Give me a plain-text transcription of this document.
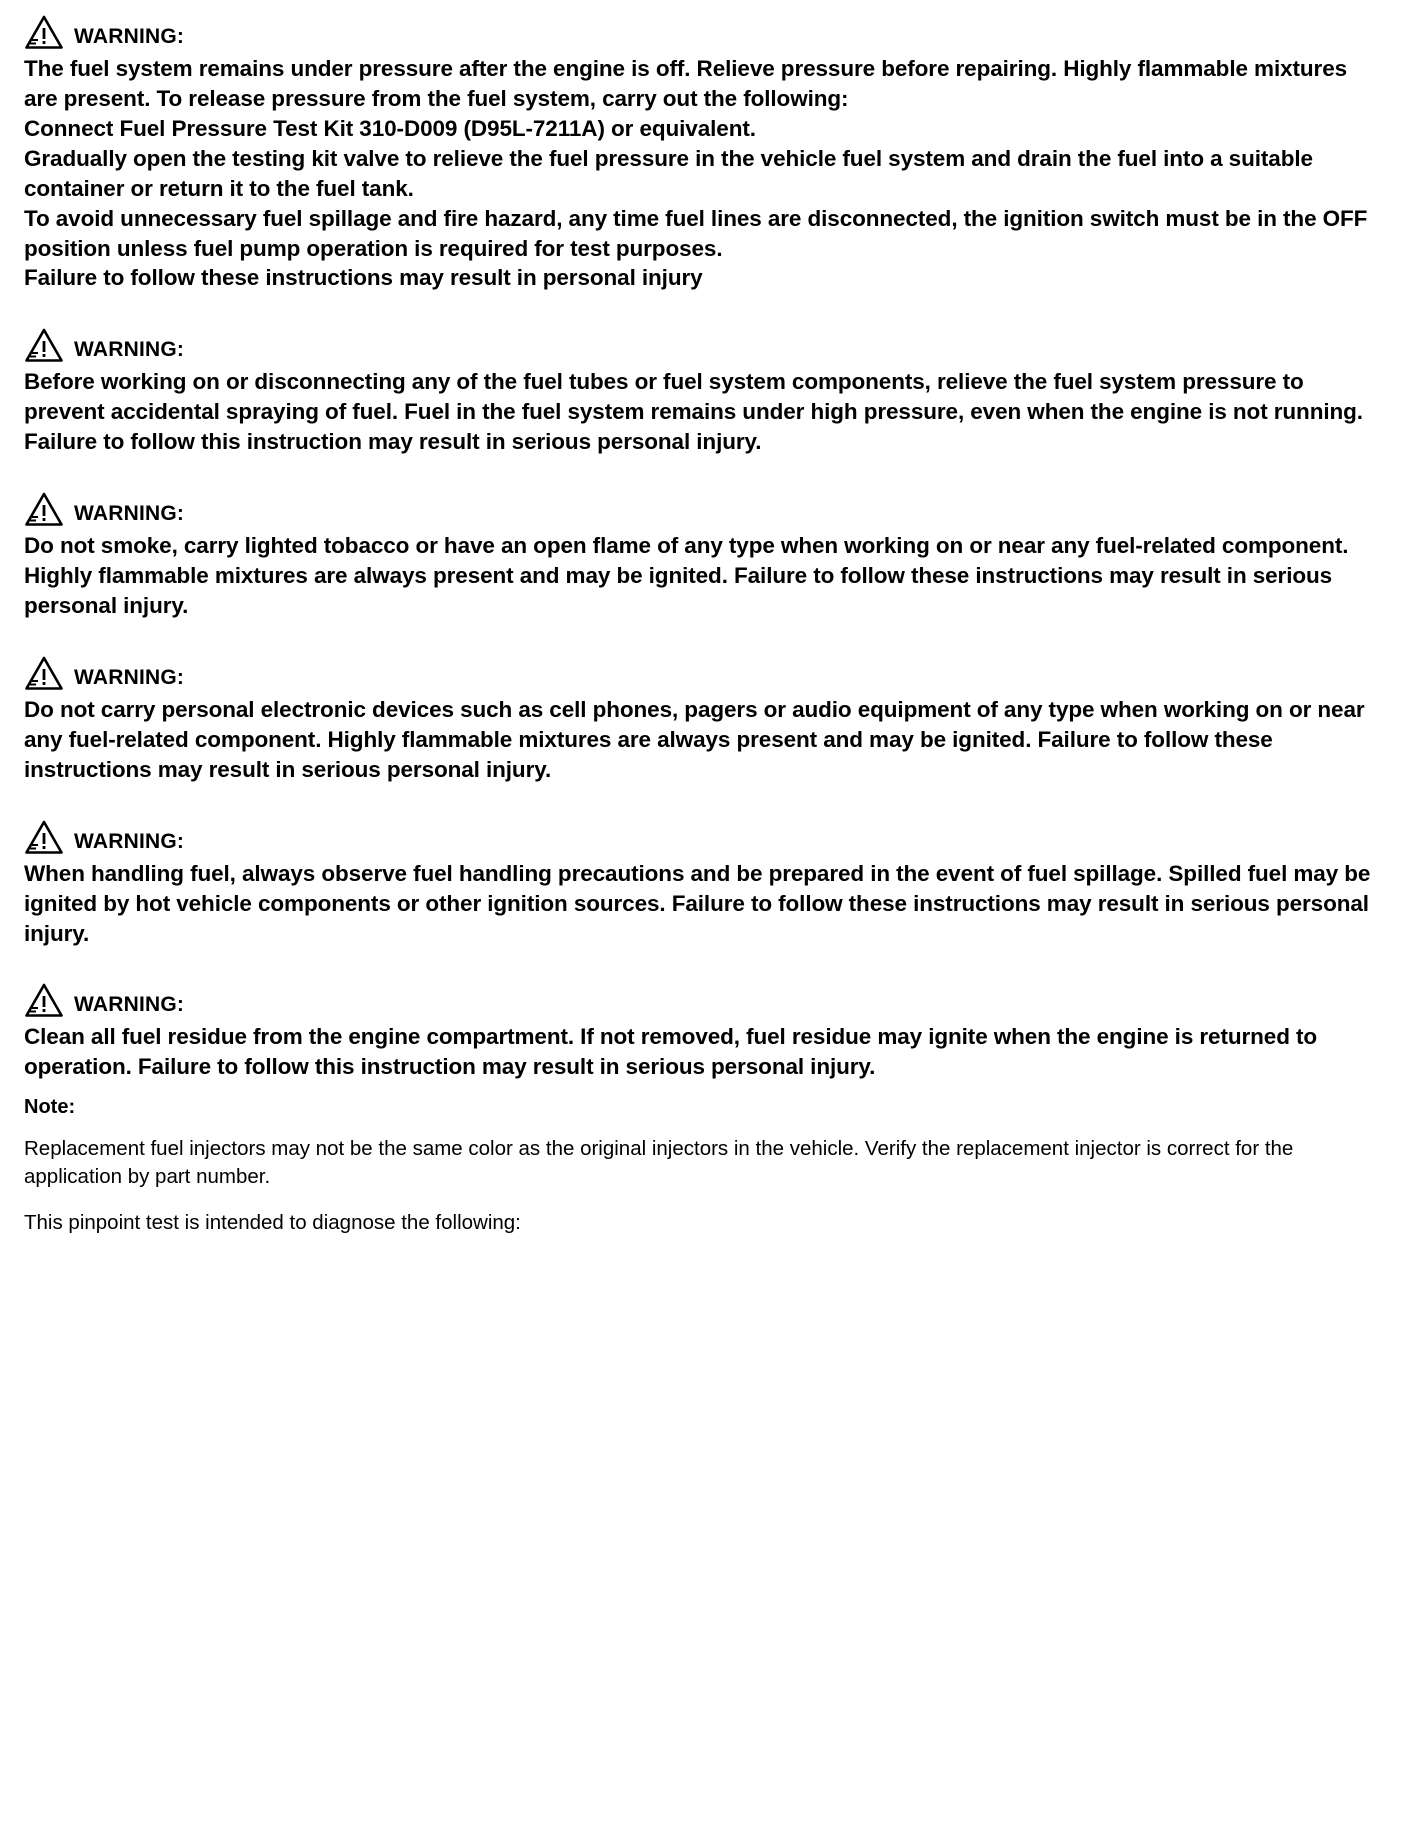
WARNING:

The fuel system remains under pressure after the engine is off. Relieve pressure before repairing. Highly flammable mixtures are present. To release pressure from the fuel system, carry out the following:

Connect Fuel Pressure Test Kit 310-D009 (D95L-7211A) or equivalent.

Gradually open the testing kit valve to relieve the fuel pressure in the vehicle fuel system and drain the fuel into a suitable container or return it to the fuel tank.

To avoid unnecessary fuel spillage and fire hazard, any time fuel lines are disconnected, the ignition switch must be in the OFF position unless fuel pump operation is required for test purposes.

Failure to follow these instructions may result in personal injury

WARNING:

Before working on or disconnecting any of the fuel tubes or fuel system components, relieve the fuel system pressure to prevent accidental spraying of fuel. Fuel in the fuel system remains under high pressure, even when the engine is not running. Failure to follow this instruction may result in serious personal injury.

WARNING:

Do not smoke, carry lighted tobacco or have an open flame of any type when working on or near any fuel-related component. Highly flammable mixtures are always present and may be ignited. Failure to follow these instructions may result in serious personal injury.

WARNING:

Do not carry personal electronic devices such as cell phones, pagers or audio equipment of any type when working on or near any fuel-related component. Highly flammable mixtures are always present and may be ignited. Failure to follow these instructions may result in serious personal injury.

WARNING:

When handling fuel, always observe fuel handling precautions and be prepared in the event of fuel spillage. Spilled fuel may be ignited by hot vehicle components or other ignition sources. Failure to follow these instructions may result in serious personal injury.

WARNING:

Clean all fuel residue from the engine compartment. If not removed, fuel residue may ignite when the engine is returned to operation. Failure to follow this instruction may result in serious personal injury.

Note:

Replacement fuel injectors may not be the same color as the original injectors in the vehicle. Verify the replacement injector is correct for the application by part number.

This pinpoint test is intended to diagnose the following:
